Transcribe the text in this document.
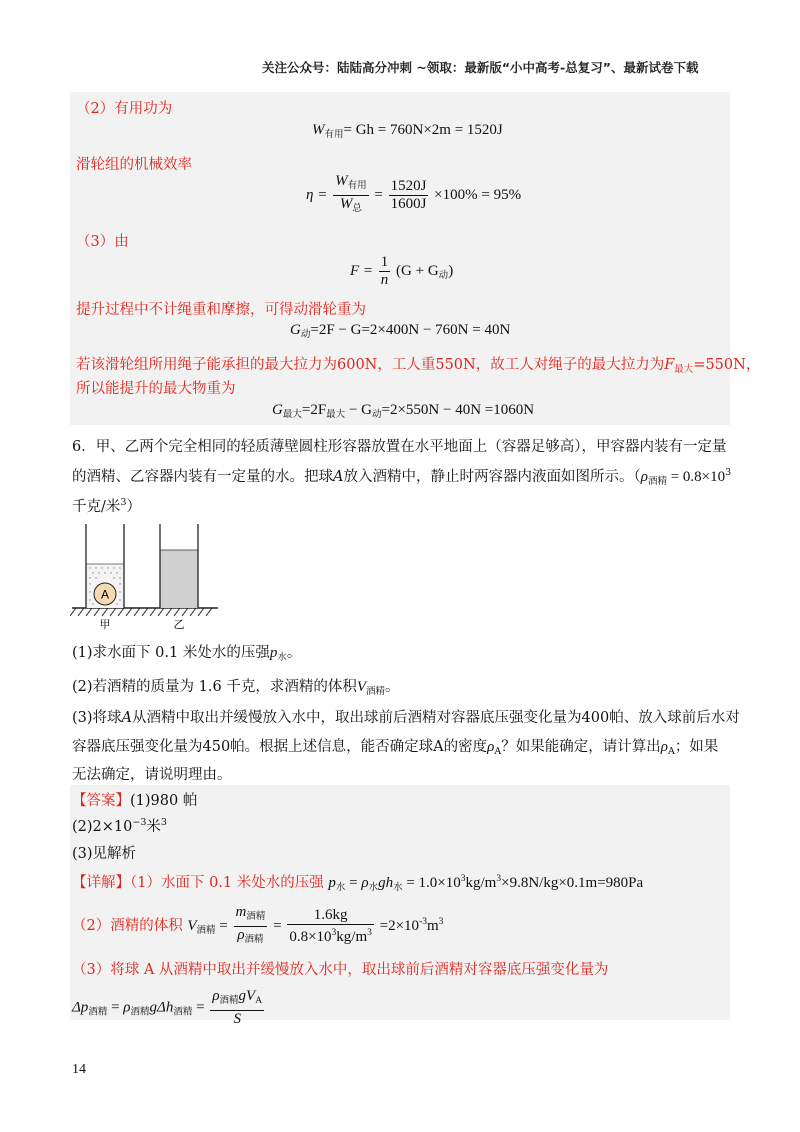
关注公众号：陆陆高分冲刺 ~领取：最新版“小中高考-总复习”、最新试卷下载
（2）有用功为
$W_{有用}= Gh = 760N\times 2m = 1520J$
滑轮组的机械效率
$\eta = \frac{W_{有用}}{W_总} = \frac{1520J}{1600J} \times 100\% = 95\%$
（3）由
$F = \frac{1}{n} (G + G_动)$
提升过程中不计绳重和摩擦，可得动滑轮重为
$G_动=2F - G=2\times 400N - 760N = 40N$
若该滑轮组所用绳子能承担的最大拉力为600N，工人重550N，故工人对绳子的最大拉力为$F_{最大}=550N$，
所以能提升的最大物重为
$G_{最大}=2F_{最大} - G_动=2\times 550N - 40N =1060N$
6．甲、乙两个完全相同的轻质薄壁圆柱形容器放置在水平地面上（容器足够高），甲容器内装有一定量
的酒精、乙容器内装有一定量的水。把球A放入酒精中，静止时两容器内液面如图所示。（$\rho_{酒精} = 0.8\times 10^3$
千克/米$^3$）
A
甲	乙
(1)求水面下 0.1 米处水的压强$p_水$。
(2)若酒精的质量为 1.6 千克，求酒精的体积$V_{酒精}$。
(3)将球A从酒精中取出并缓慢放入水中，取出球前后酒精对容器底压强变化量为400帕、放入球前后水对
容器底压强变化量为450帕。根据上述信息，能否确定球A的密度$\rho_A$？如果能确定，请计算出$\rho_A$；如果
无法确定，请说明理由。
【答案】(1)980 帕
$(2)2\times 10^{-3}$米$^3$
(3)见解析
【详解】（1）水面下 0.1 米处水的压强 $p_水 = \rho_水gh_水 = 1.0\times 10^3kg/m^3\times 9.8N/kg\times 0.1m=980Pa$
（2）酒精的体积 $V_{酒精} = \frac{m_{酒精}}{\rho_{酒精}} = \frac{1.6kg}{0.8\times 10^3kg/m^3} =2\times 10^{-3}m^3$
（3）将球 A 从酒精中取出并缓慢放入水中，取出球前后酒精对容器底压强变化量为
$\Delta p_{酒精} = \rho_{酒精}g\Delta h_{酒精} = \frac{\rho_{酒精}gV_A}{S}$
14
